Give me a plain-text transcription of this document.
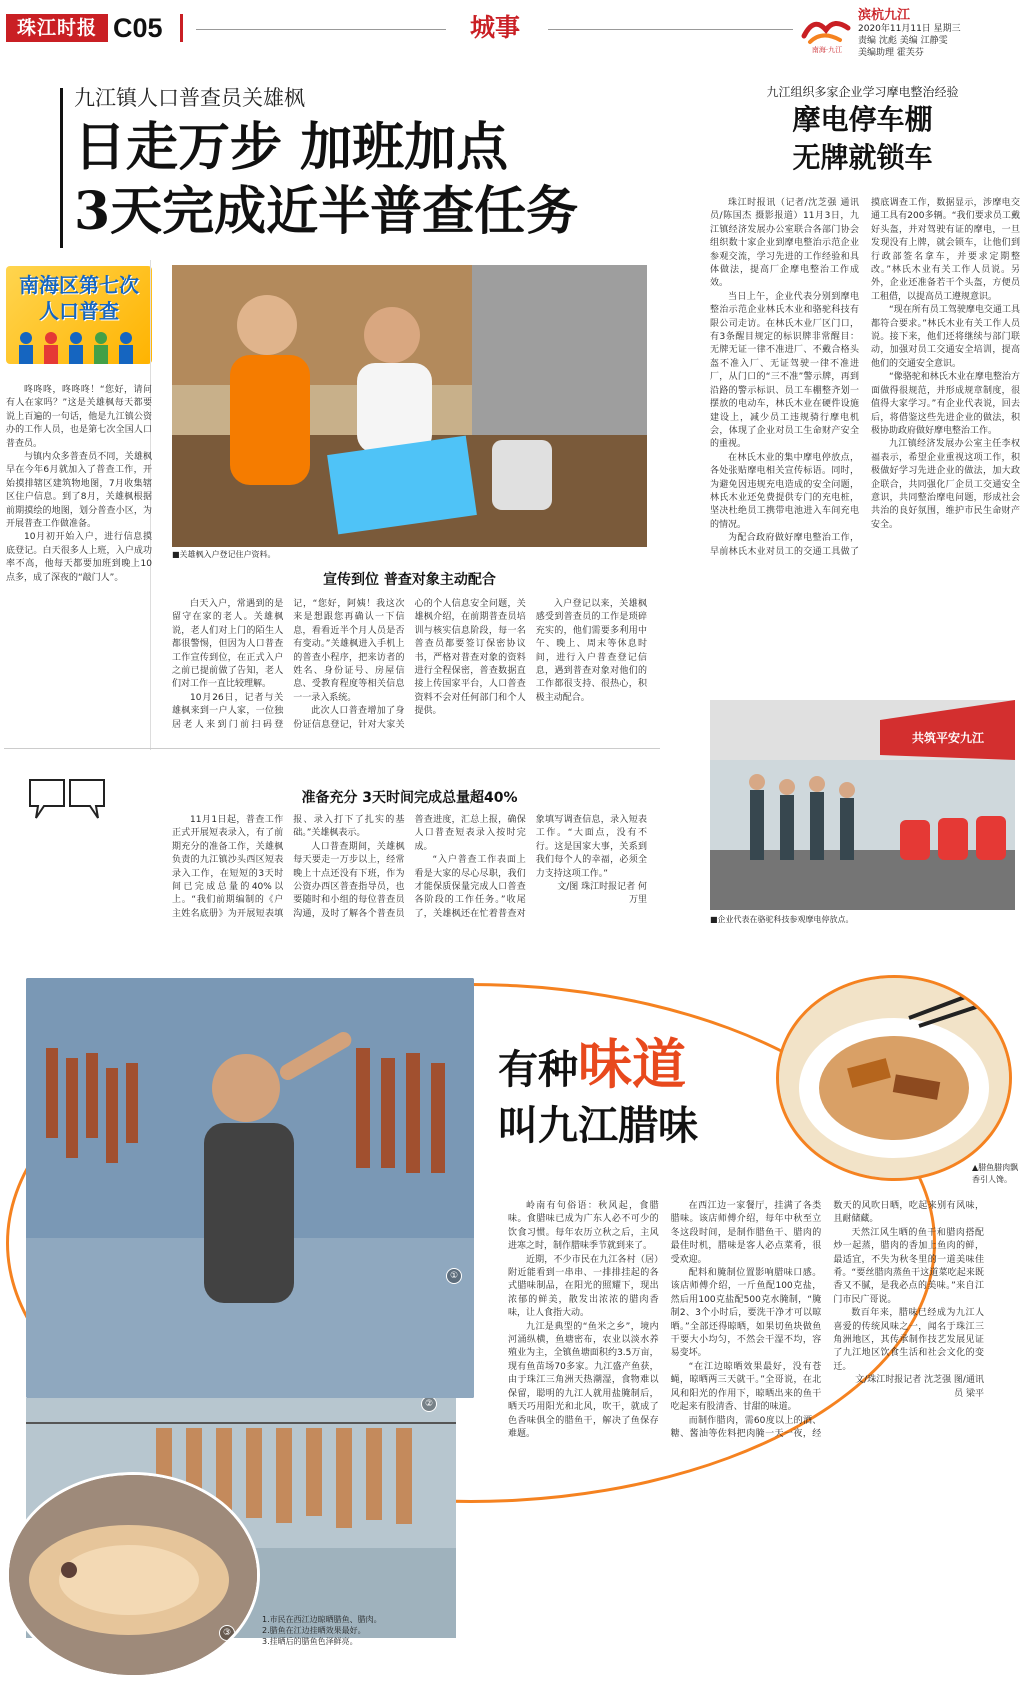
珠江时报 C05	城事
南海·九江
滨杭九江
2020年11月11日 星期三
责编 沈彪 美编 江静雯
美编助理 霍芙芬
九江镇人口普查员关雄枫
日走万步 加班加点
3天完成近半普查任务
南海区第七次
人口普查
■关雄枫入户登记住户资料。

咚咚咚，咚咚咚！“您好，请问有人在家吗？”这是关雄枫每天都要说上百遍的一句话，他是九江镇公资办的工作人员，也是第七次全国人口普查员。

与镇内众多普查员不同，关雄枫早在今年6月就加入了普查工作，开始摸排辖区建筑物地图，7月收集辖区住户信息。到了8月，关雄枫根据前期摸绘的地图，划分普查小区，为开展普查工作做准备。

10月初开始入户，进行信息摸底登记。白天很多人上班，入户成功率不高，他每天都要加班到晚上10点多，成了深夜的“敲门人”。	宣传到位 普查对象主动配合

白天入户，常遇到的是留守在家的老人。关雄枫说，老人们对上门的陌生人都很警惕，但因为人口普查工作宣传到位，在正式入户之前已提前做了告知，老人们对工作一直比较理解。

10月26日，记者与关雄枫来到一户人家，一位独居老人来到门前扫码登记，“您好，阿姨！我这次来是想跟您再确认一下信息，看看近半个月人员是否有变动。”关雄枫进入手机上的普查小程序，把来访者的姓名、身份证号、房屋信息、受教育程度等相关信息一一录入系统。

此次人口普查增加了身份证信息登记，针对大家关心的个人信息安全问题，关雄枫介绍，在前期普查员培训与核实信息阶段，每一名普查员都要签订保密协议书，严格对普查对象的资料进行全程保密，普查数据直接上传国家平台，人口普查资料不会对任何部门和个人提供。

入户登记以来，关雄枫感受到普查员的工作是琐碎充实的，他们需要多利用中午、晚上、周末等休息时间，进行入户普查登记信息，遇到普查对象对他们的工作都很支持、很热心，积极主动配合。

准备充分 3天时间完成总量超40%

11月1日起，普查工作正式开展短表录入，有了前期充分的准备工作，关雄枫负责的九江镇沙头西区短表录入工作，在短短的3天时间已完成总量的40%以上。“我们前期编制的《户主姓名底册》为开展短表填报、录入打下了扎实的基础。”关雄枫表示。

人口普查期间，关雄枫每天要走一万步以上，经常晚上十点还没有下班，作为公资办西区普查指导员，也要随时和小组的每位普查员沟通，及时了解各个普查员普查进度，汇总上报，确保人口普查短表录入按时完成。

“入户普查工作表面上看是大家的尽心尽职，我们才能保质保量完成人口普查各阶段的工作任务。”收尾了，关雄枫还在忙着普查对象填写调查信息，录入短表工作。“大面点，没有不行。这是国家大事，关系到我们每个人的幸福，必须全力支持这项工作。”

文/图 珠江时报记者 何万里

九江组织多家企业学习摩电整治经验
摩电停车棚
无牌就锁车

珠江时报讯（记者/沈芝强 通讯员/陈国杰 摄影报道）11月3日，九江镇经济发展办公室联合各部门协会组织数十家企业到摩电整治示范企业参观交流，学习先进的工作经验和具体做法，提高厂企摩电整治工作成效。

当日上午，企业代表分别到摩电整治示范企业林氏木业和骆驼科技有限公司走访。在林氏木业厂区门口，有3条醒目规定的标识牌非常醒目：无牌无证一律不准进厂、不戴合格头盔不准入厂、无证驾驶一律不准进厂，从门口的“三不准”警示牌，再到沿路的警示标识、员工车棚整齐划一摆放的电动车，林氏木业在硬件设施建设上，减少员工违规骑行摩电机会，体现了企业对员工生命财产安全的重视。

在林氏木业的集中摩电停放点，各处张贴摩电相关宣传标语。同时，为避免因违规充电造成的安全问题，林氏木业还免费提供专门的充电桩，坚决杜绝员工携带电池进入车间充电的情况。

为配合政府做好摩电整治工作，早前林氏木业对员工的交通工具做了摸底调查工作，数据显示，涉摩电交通工具有200多辆。“我们要求员工戴好头盔，并对驾驶有证的摩电，一旦发现没有上牌，就会锁车，让他们到行政部签名拿车，并要求定期整改。”林氏木业有关工作人员说。另外，企业还准备若干个头盔，方便员工租借，以提高员工遵规意识。

“现在所有员工驾驶摩电交通工具都符合要求。”林氏木业有关工作人员说。接下来，他们还将继续与部门联动，加强对员工交通安全培训，提高他们的交通安全意识。

“像骆驼和林氏木业在摩电整治方面做得很规范，并形成规章制度，很值得大家学习。”有企业代表说，回去后，将借鉴这些先进企业的做法，积极协助政府做好摩电整治工作。

九江镇经济发展办公室主任李权福表示，希望企业重视这项工作，积极做好学习先进企业的做法，加大政企联合，共同强化厂企员工交通安全意识，共同整治摩电问题，形成社会共治的良好氛围，维护市民生命财产安全。

共筑平安九江
■企业代表在骆驼科技参观摩电停放点。
①
②
③
▲腊鱼腊肉飘香引人馋。
有种味道
叫九江腊味

岭南有句俗语：秋风起，食腊味。食腊味已成为广东人必不可少的饮食习惯。每年农历立秋之后，主风进寒之时，制作腊味季节就到来了。

近期，不少市民在九江各村（居）附近能看到一串串、一排排挂起的各式腊味制品，在阳光的照耀下，现出浓郁的鲜美，散发出浓浓的腊肉香味，让人食指大动。

九江是典型的“鱼米之乡”，境内河涌纵横，鱼塘密布，农业以淡水养殖业为主，全镇鱼塘面积约3.5万亩，现有鱼苗场70多家。九江盛产鱼获，由于珠江三角洲天热潮湿，食物难以保留，聪明的九江人就用盐腌制后，晒天巧用阳光和北风，吹干，就成了色香味俱全的腊鱼干，解决了鱼保存难题。

在西江边一家餐厅，挂满了各类腊味。该店师傅介绍，每年中秋至立冬这段时间，是制作腊鱼干、腊肉的最佳时机，腊味是客人必点菜肴，很受欢迎。

配料和腌制位置影响腊味口感。该店师傅介绍，一斤鱼配100克盐，然后用100克盐配500克水腌制，“腌制2、3个小时后，要洗干净才可以晾晒。”全部还得晾晒，如果切鱼块做鱼干要大小均匀，不然会干湿不均，容易变坏。

“在江边晾晒效果最好，没有苍蝇，晾晒两三天就干。”全哥说，在北风和阳光的作用下，晾晒出来的鱼干吃起来有股清香、甘甜的味道。

而制作腊肉，需60度以上的酒、糖、酱油等佐料把肉腌一天一夜，经数天的风吹日晒，吃起来别有风味，且耐储藏。

天然江风生晒的鱼干和腊肉搭配炒一起蒸，腊肉的香加上鱼肉的鲜，最适宜，不失为秋冬里的一道美味佳肴。“要丝腊肉蒸鱼干这道菜吃起来既香又不腻，是我必点的美味。”来自江门市民广哥说。

数百年来，腊味已经成为九江人喜爱的传统风味之一，闻名于珠江三角洲地区，其传承制作技艺发展见证了九江地区饮食生活和社会文化的变迁。

文/珠江时报记者 沈芝强 图/通讯员 梁平

1.市民在西江边晾晒腊鱼、腊肉。
2.腊鱼在江边挂晒效果最好。
3.挂晒后的腊鱼色泽鲜亮。
